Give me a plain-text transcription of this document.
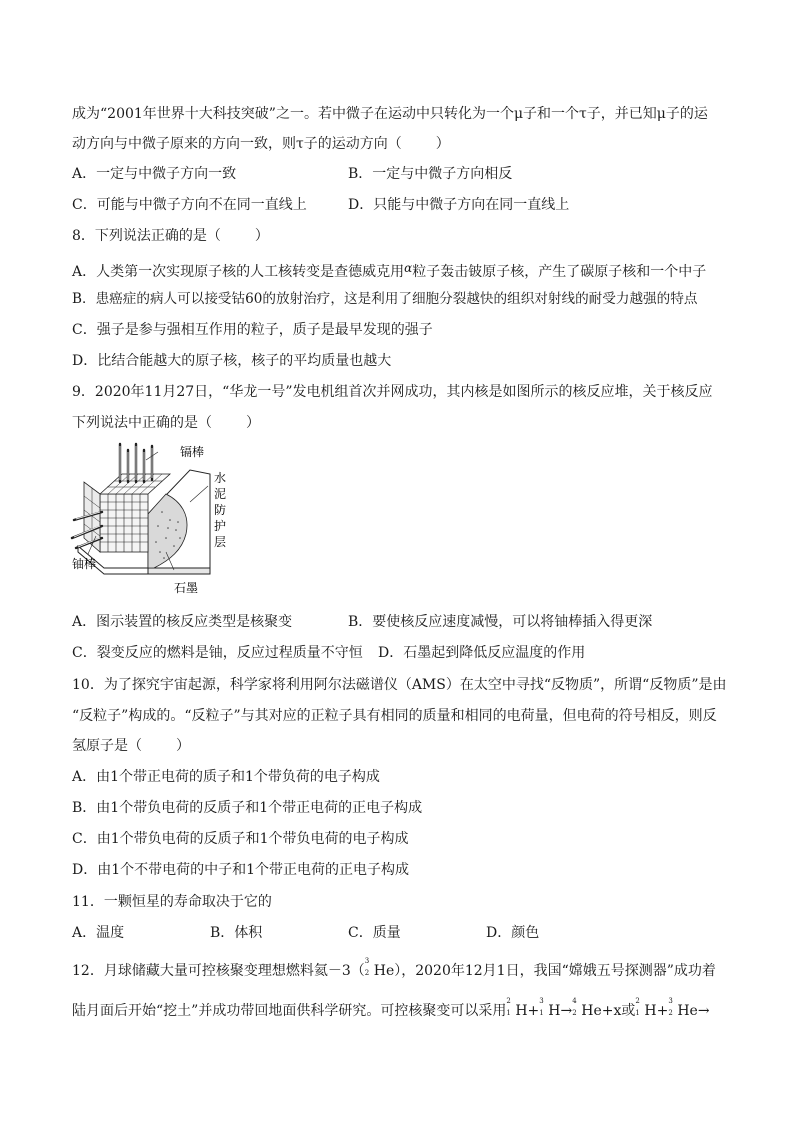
成为“2001年世界十大科技突破”之一。若中微子在运动中只转化为一个μ子和一个τ子，并已知μ子的运
动方向与中微子原来的方向一致，则τ子的运动方向（ ）
A．一定与中微子方向一致	B．一定与中微子方向相反
C．可能与中微子方向不在同一直线上	D．只能与中微子方向在同一直线上
8．下列说法正确的是（ ）
A．人类第一次实现原子核的人工核转变是查德威克用α粒子轰击铍原子核，产生了碳原子核和一个中子
B．患癌症的病人可以接受钴60的放射治疗，这是利用了细胞分裂越快的组织对射线的耐受力越强的特点
C．强子是参与强相互作用的粒子，质子是最早发现的强子
D．比结合能越大的原子核，核子的平均质量也越大
9．2020年11月27日，“华龙一号”发电机组首次并网成功，其内核是如图所示的核反应堆，关于核反应
下列说法中正确的是（ ）
镉棒
水
泥
防
护
层
铀棒
石墨
A．图示装置的核反应类型是核聚变	B．要使核反应速度减慢，可以将铀棒插入得更深
C．裂变反应的燃料是铀，反应过程质量不守恒 D．石墨起到降低反应温度的作用
10．为了探究宇宙起源，科学家将利用阿尔法磁谱仪（AMS）在太空中寻找“反物质”，所谓“反物质”是由
“反粒子”构成的。“反粒子”与其对应的正粒子具有相同的质量和相同的电荷量，但电荷的符号相反，则反
氢原子是（ ）
A．由1个带正电荷的质子和1个带负荷的电子构成
B．由1个带负电荷的反质子和1个带正电荷的正电子构成
C．由1个带负电荷的反质子和1个带负电荷的电子构成
D．由1个不带电荷的中子和1个带正电荷的正电子构成
11．一颗恒星的寿命取决于它的
A．温度	B．体积	C．质量	D．颜色
12．月球储藏大量可控核聚变理想燃料氦－3（
3
2 He），2020年12月1日，我国“嫦娥五号探测器”成功着
陆月面后开始“挖土”并成功带回地面供科学研究。可控核聚变可以采用
2
1 H+
3
1 H→
4
2 He+x或
2
1 H+
3
2 He→
